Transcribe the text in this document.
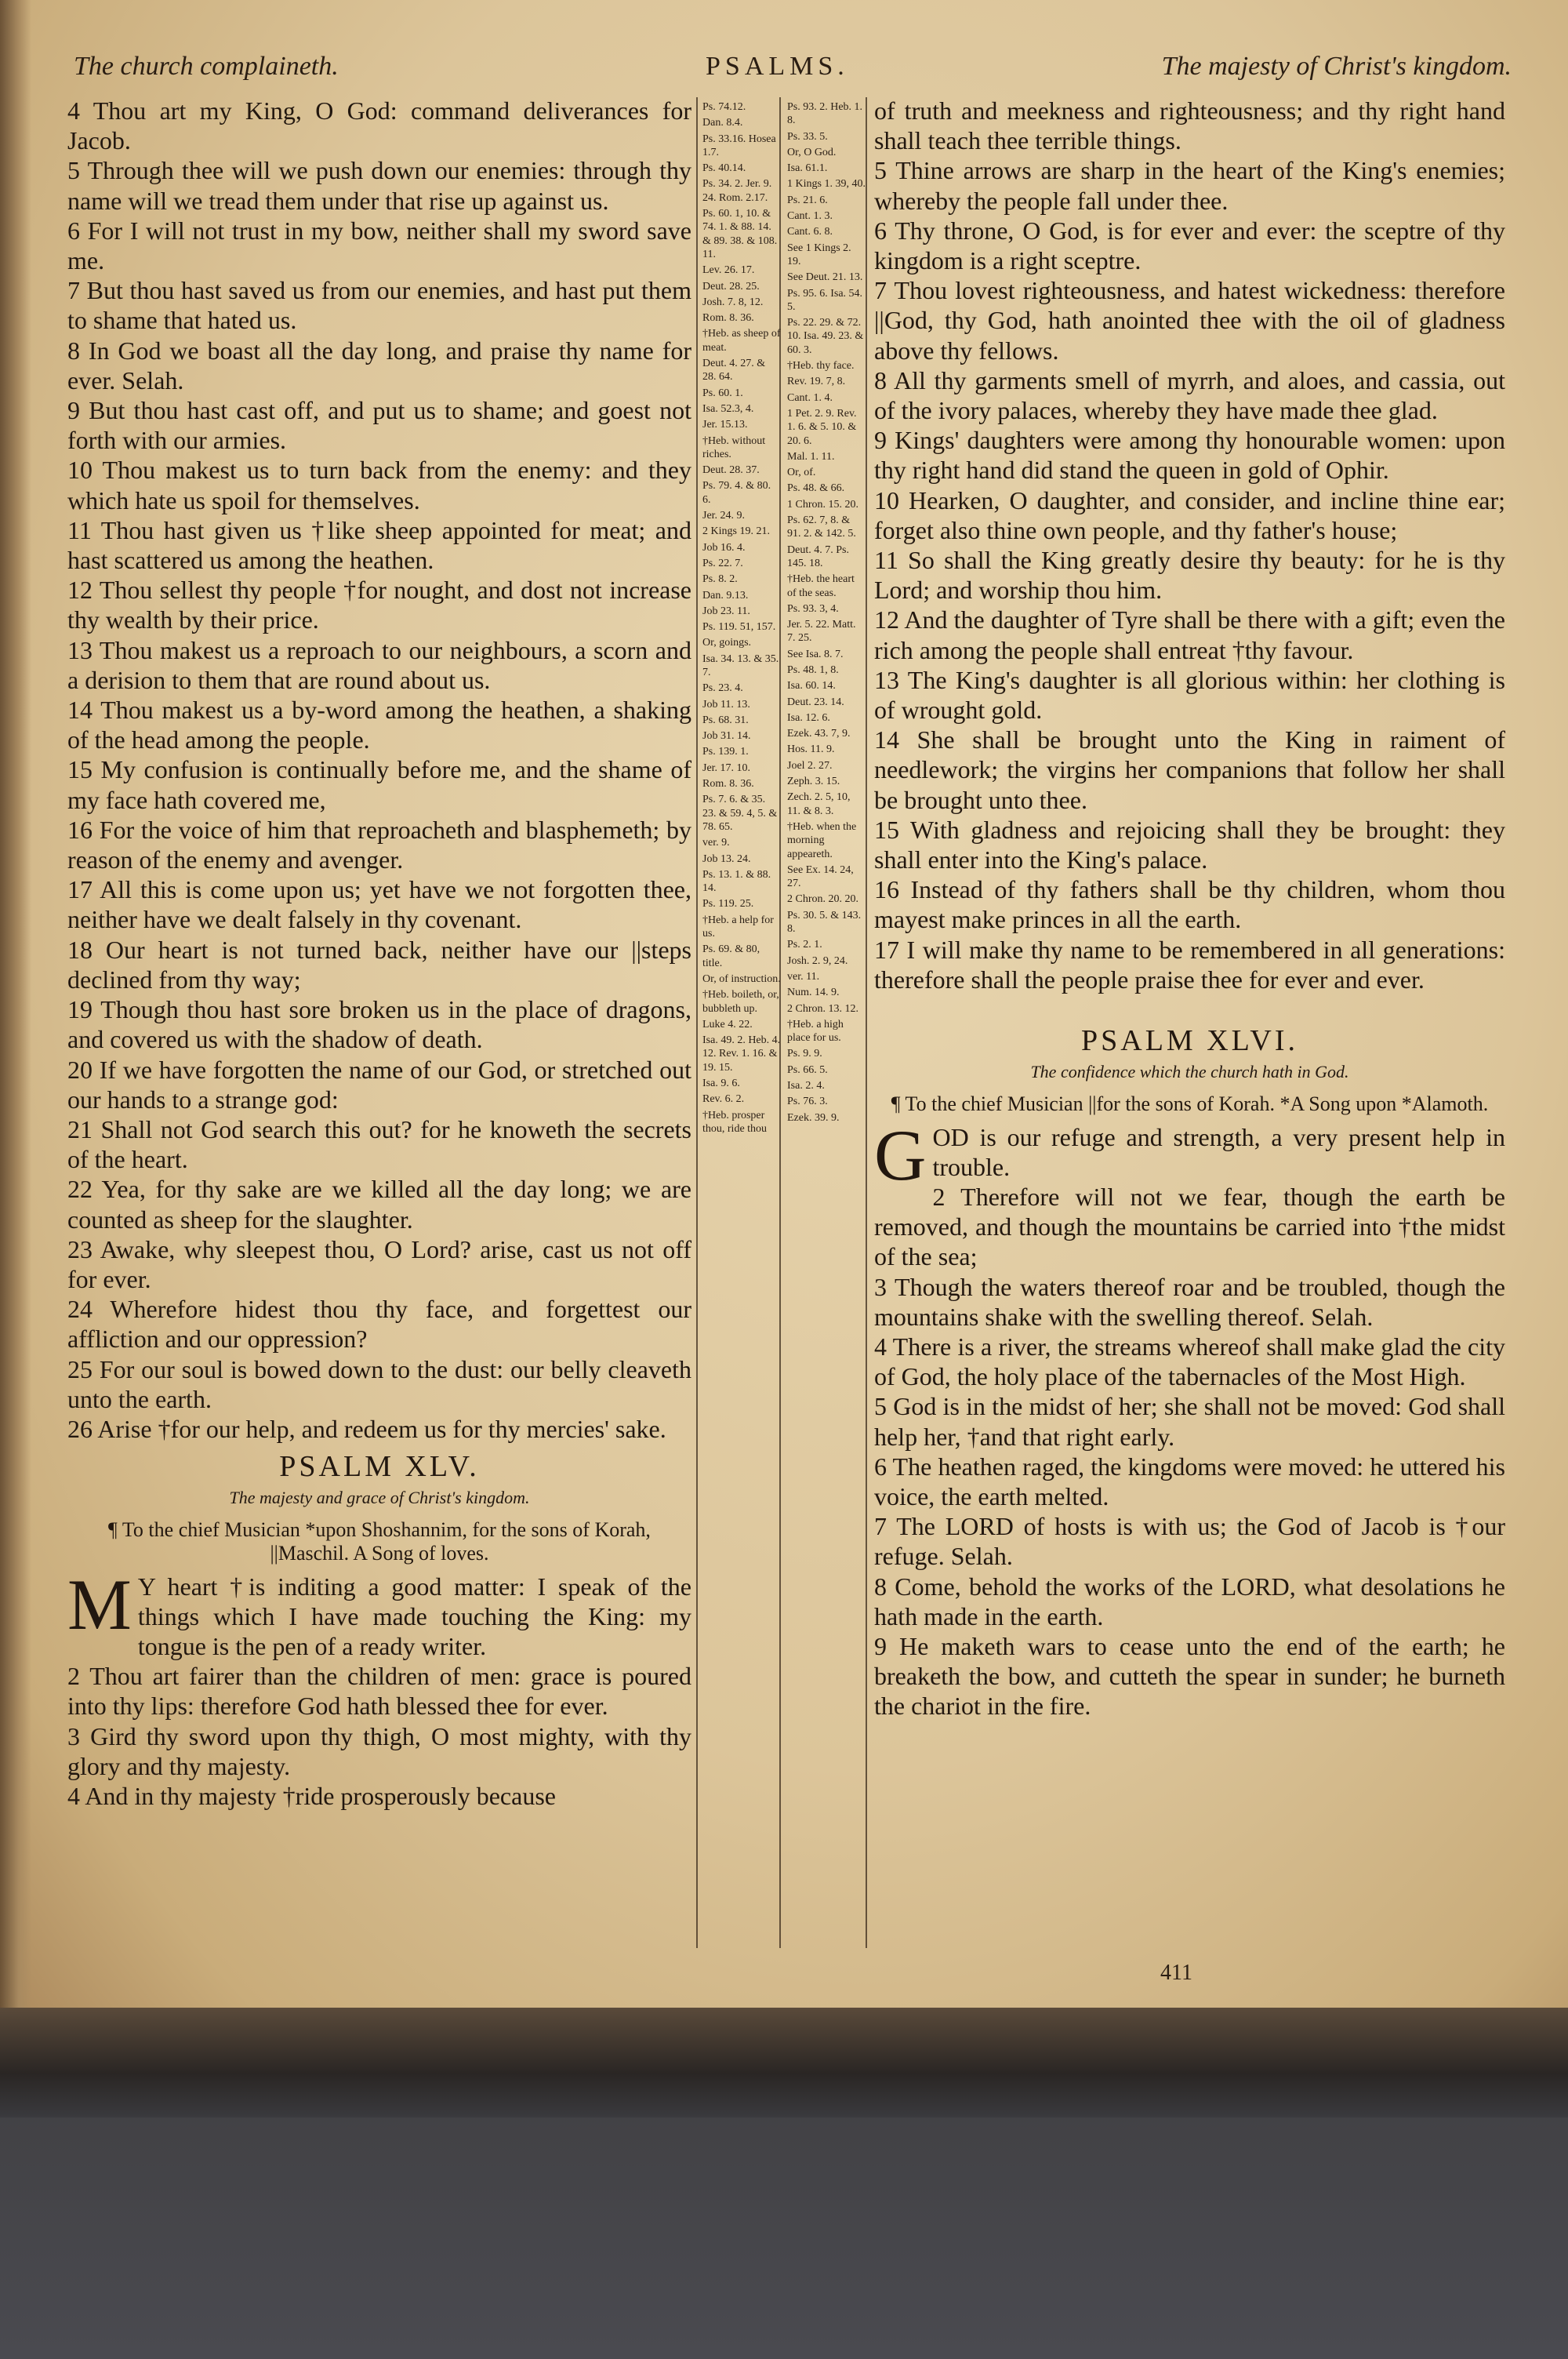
The church complaineth.	PSALMS.	The majesty of Christ's kingdom.

4 Thou art my King, O God: command deliverances for Jacob.

5 Through thee will we push down our enemies: through thy name will we tread them under that rise up against us.

6 For I will not trust in my bow, neither shall my sword save me.

7 But thou hast saved us from our enemies, and hast put them to shame that hated us.

8 In God we boast all the day long, and praise thy name for ever. Selah.

9 But thou hast cast off, and put us to shame; and goest not forth with our armies.

10 Thou makest us to turn back from the enemy: and they which hate us spoil for themselves.

11 Thou hast given us †like sheep appointed for meat; and hast scattered us among the heathen.

12 Thou sellest thy people †for nought, and dost not increase thy wealth by their price.

13 Thou makest us a reproach to our neighbours, a scorn and a derision to them that are round about us.

14 Thou makest us a by-word among the heathen, a shaking of the head among the people.

15 My confusion is continually before me, and the shame of my face hath covered me,

16 For the voice of him that reproacheth and blasphemeth; by reason of the enemy and avenger.

17 All this is come upon us; yet have we not forgotten thee, neither have we dealt falsely in thy covenant.

18 Our heart is not turned back, neither have our ||steps declined from thy way;

19 Though thou hast sore broken us in the place of dragons, and covered us with the shadow of death.

20 If we have forgotten the name of our God, or stretched out our hands to a strange god:

21 Shall not God search this out? for he knoweth the secrets of the heart.

22 Yea, for thy sake are we killed all the day long; we are counted as sheep for the slaughter.

23 Awake, why sleepest thou, O Lord? arise, cast us not off for ever.

24 Wherefore hidest thou thy face, and forgettest our affliction and our oppression?

25 For our soul is bowed down to the dust: our belly cleaveth unto the earth.

26 Arise †for our help, and redeem us for thy mercies' sake.

PSALM XLV.
The majesty and grace of Christ's kingdom.
¶ To the chief Musician *upon Shoshannim, for the sons of Korah, ||Maschil. A Song of loves.

M Y heart †is inditing a good matter: I speak of the things which I have made touching the King: my tongue is the pen of a ready writer.

2 Thou art fairer than the children of men: grace is poured into thy lips: therefore God hath blessed thee for ever.

3 Gird thy sword upon thy thigh, O most mighty, with thy glory and thy majesty.

4 And in thy majesty †ride prosperously because

Ps. 74.12.
Dan. 8.4.
Ps. 33.16. Hosea 1.7.
Ps. 40.14.
Ps. 34. 2. Jer. 9. 24. Rom. 2.17.
Ps. 60. 1, 10. & 74. 1. & 88. 14. & 89. 38. & 108. 11.
Lev. 26. 17.
Deut. 28. 25.
Josh. 7. 8, 12.
Rom. 8. 36.
†Heb. as sheep of meat.
Deut. 4. 27. & 28. 64.
Ps. 60. 1.
Isa. 52.3, 4.
Jer. 15.13.
†Heb. without riches.
Deut. 28. 37.
Ps. 79. 4. & 80. 6.
Jer. 24. 9.
2 Kings 19. 21.
Job 16. 4.
Ps. 22. 7.
Ps. 8. 2.
Dan. 9.13.
Job 23. 11.
Ps. 119. 51, 157.
Or, goings.
Isa. 34. 13. & 35. 7.
Ps. 23. 4.
Job 11. 13.
Ps. 68. 31.
Job 31. 14.
Ps. 139. 1.
Jer. 17. 10.
Rom. 8. 36.
Ps. 7. 6. & 35. 23. & 59. 4, 5. & 78. 65.
ver. 9.
Job 13. 24.
Ps. 13. 1. & 88. 14.
Ps. 119. 25.
†Heb. a help for us.
Ps. 69. & 80, title.
Or, of instruction.
†Heb. boileth, or, bubbleth up.
Luke 4. 22.
Isa. 49. 2. Heb. 4. 12. Rev. 1. 16. & 19. 15.
Isa. 9. 6.
Rev. 6. 2.
†Heb. prosper thou, ride thou
Ps. 93. 2. Heb. 1. 8.
Ps. 33. 5.
Or, O God.
Isa. 61.1.
1 Kings 1. 39, 40.
Ps. 21. 6.
Cant. 1. 3.
Cant. 6. 8.
See 1 Kings 2. 19.
See Deut. 21. 13.
Ps. 95. 6. Isa. 54. 5.
Ps. 22. 29. & 72. 10. Isa. 49. 23. & 60. 3.
†Heb. thy face.
Rev. 19. 7, 8.
Cant. 1. 4.
1 Pet. 2. 9. Rev. 1. 6. & 5. 10. & 20. 6.
Mal. 1. 11.
Or, of.
Ps. 48. & 66.
1 Chron. 15. 20.
Ps. 62. 7, 8. & 91. 2. & 142. 5.
Deut. 4. 7. Ps. 145. 18.
†Heb. the heart of the seas.
Ps. 93. 3, 4.
Jer. 5. 22. Matt. 7. 25.
See Isa. 8. 7.
Ps. 48. 1, 8.
Isa. 60. 14.
Deut. 23. 14.
Isa. 12. 6.
Ezek. 43. 7, 9.
Hos. 11. 9.
Joel 2. 27.
Zeph. 3. 15.
Zech. 2. 5, 10, 11. & 8. 3.
†Heb. when the morning appeareth.
See Ex. 14. 24, 27.
2 Chron. 20. 20.
Ps. 30. 5. & 143. 8.
Ps. 2. 1.
Josh. 2. 9, 24.
ver. 11.
Num. 14. 9.
2 Chron. 13. 12.
†Heb. a high place for us.
Ps. 9. 9.
Ps. 66. 5.
Isa. 2. 4.
Ps. 76. 3.
Ezek. 39. 9.

of truth and meekness and righteousness; and thy right hand shall teach thee terrible things.

5 Thine arrows are sharp in the heart of the King's enemies; whereby the people fall under thee.

6 Thy throne, O God, is for ever and ever: the sceptre of thy kingdom is a right sceptre.

7 Thou lovest righteousness, and hatest wickedness: therefore ||God, thy God, hath anointed thee with the oil of gladness above thy fellows.

8 All thy garments smell of myrrh, and aloes, and cassia, out of the ivory palaces, whereby they have made thee glad.

9 Kings' daughters were among thy honourable women: upon thy right hand did stand the queen in gold of Ophir.

10 Hearken, O daughter, and consider, and incline thine ear; forget also thine own people, and thy father's house;

11 So shall the King greatly desire thy beauty: for he is thy Lord; and worship thou him.

12 And the daughter of Tyre shall be there with a gift; even the rich among the people shall entreat †thy favour.

13 The King's daughter is all glorious within: her clothing is of wrought gold.

14 She shall be brought unto the King in raiment of needlework; the virgins her companions that follow her shall be brought unto thee.

15 With gladness and rejoicing shall they be brought: they shall enter into the King's palace.

16 Instead of thy fathers shall be thy children, whom thou mayest make princes in all the earth.

17 I will make thy name to be remembered in all generations: therefore shall the people praise thee for ever and ever.

PSALM XLVI.
The confidence which the church hath in God.
¶ To the chief Musician ||for the sons of Korah. *A Song upon *Alamoth.

GOD is our refuge and strength, a very present help in trouble.

2 Therefore will not we fear, though the earth be removed, and though the mountains be carried into †the midst of the sea;

3 Though the waters thereof roar and be troubled, though the mountains shake with the swelling thereof. Selah.

4 There is a river, the streams whereof shall make glad the city of God, the holy place of the tabernacles of the Most High.

5 God is in the midst of her; she shall not be moved: God shall help her, †and that right early.

6 The heathen raged, the kingdoms were moved: he uttered his voice, the earth melted.

7 The LORD of hosts is with us; the God of Jacob is †our refuge. Selah.

8 Come, behold the works of the LORD, what desolations he hath made in the earth.

9 He maketh wars to cease unto the end of the earth; he breaketh the bow, and cutteth the spear in sunder; he burneth the chariot in the fire.

411
